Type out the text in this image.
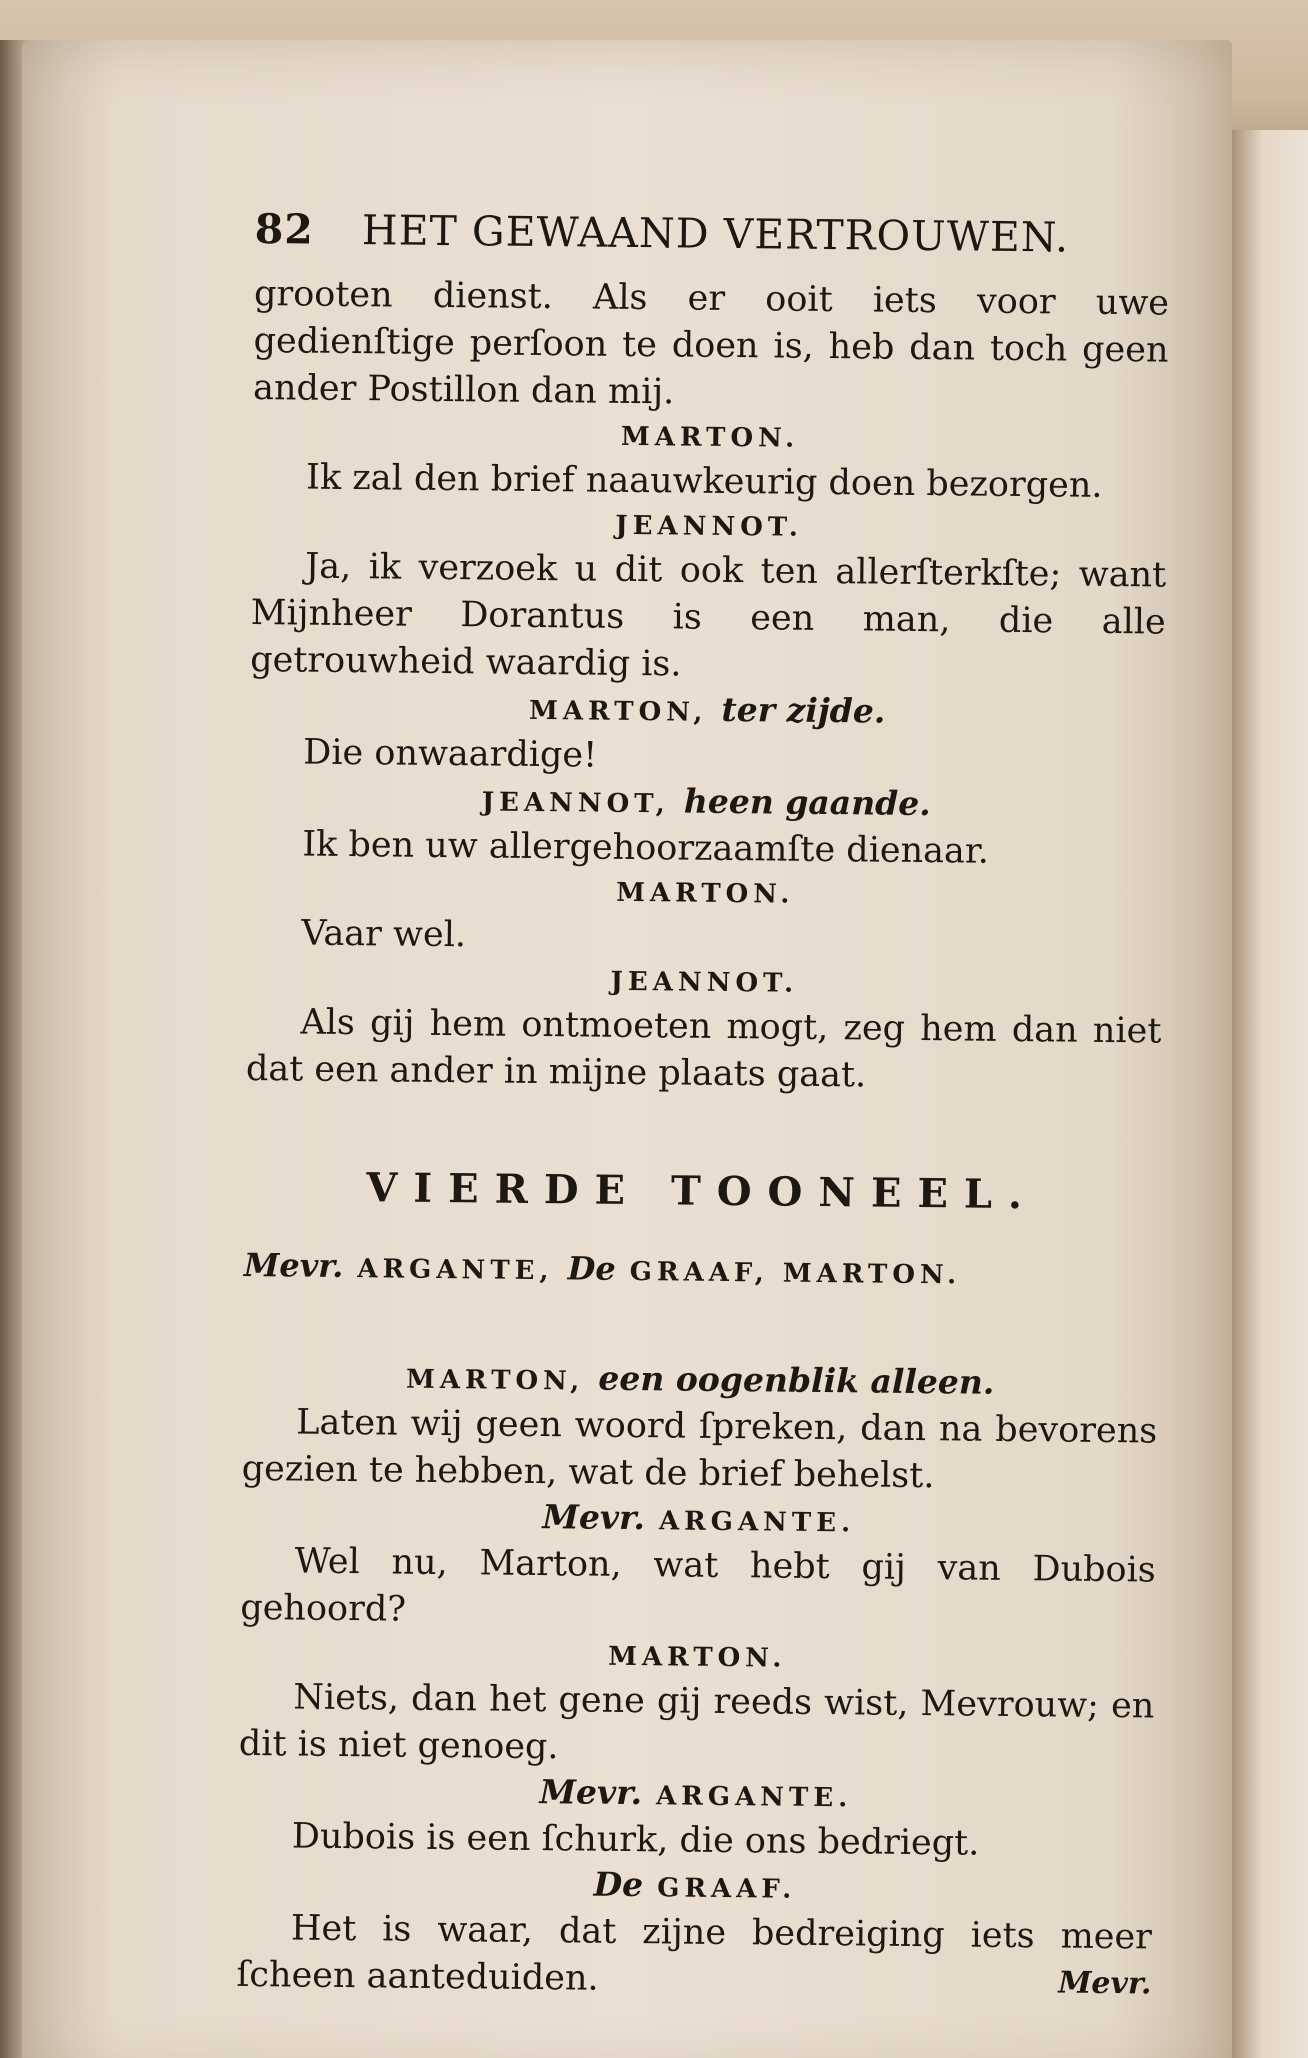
82 HET GEWAAND VERTROUWEN.

grooten dienst. Als er ooit iets voor uwe gedienſtige perſoon te doen is, heb dan toch geen ander Postillon dan mij.

MARTON.

Ik zal den brief naauwkeurig doen bezorgen.

JEANNOT.

Ja, ik verzoek u dit ook ten allerſterkſte; want Mijnheer Dorantus is een man, die alle getrouwheid waardig is.

MARTON, ter zijde.

Die onwaardige!

JEANNOT, heen gaande.

Ik ben uw allergehoorzaamſte dienaar.

MARTON.

Vaar wel.

JEANNOT.

Als gij hem ontmoeten mogt, zeg hem dan niet dat een ander in mijne plaats gaat.

VIERDE TOONEEL.
Mevr. ARGANTE, De GRAAF, MARTON.
MARTON, een oogenblik alleen.

Laten wij geen woord ſpreken, dan na bevorens gezien te hebben, wat de brief behelst.

Mevr. ARGANTE.

Wel nu, Marton, wat hebt gij van Dubois gehoord?

MARTON.

Niets, dan het gene gij reeds wist, Mevrouw; en dit is niet genoeg.

Mevr. ARGANTE.

Dubois is een ſchurk, die ons bedriegt.

De GRAAF.

Het is waar, dat zijne bedreiging iets meer ſcheen aanteduiden.	Mevr.
